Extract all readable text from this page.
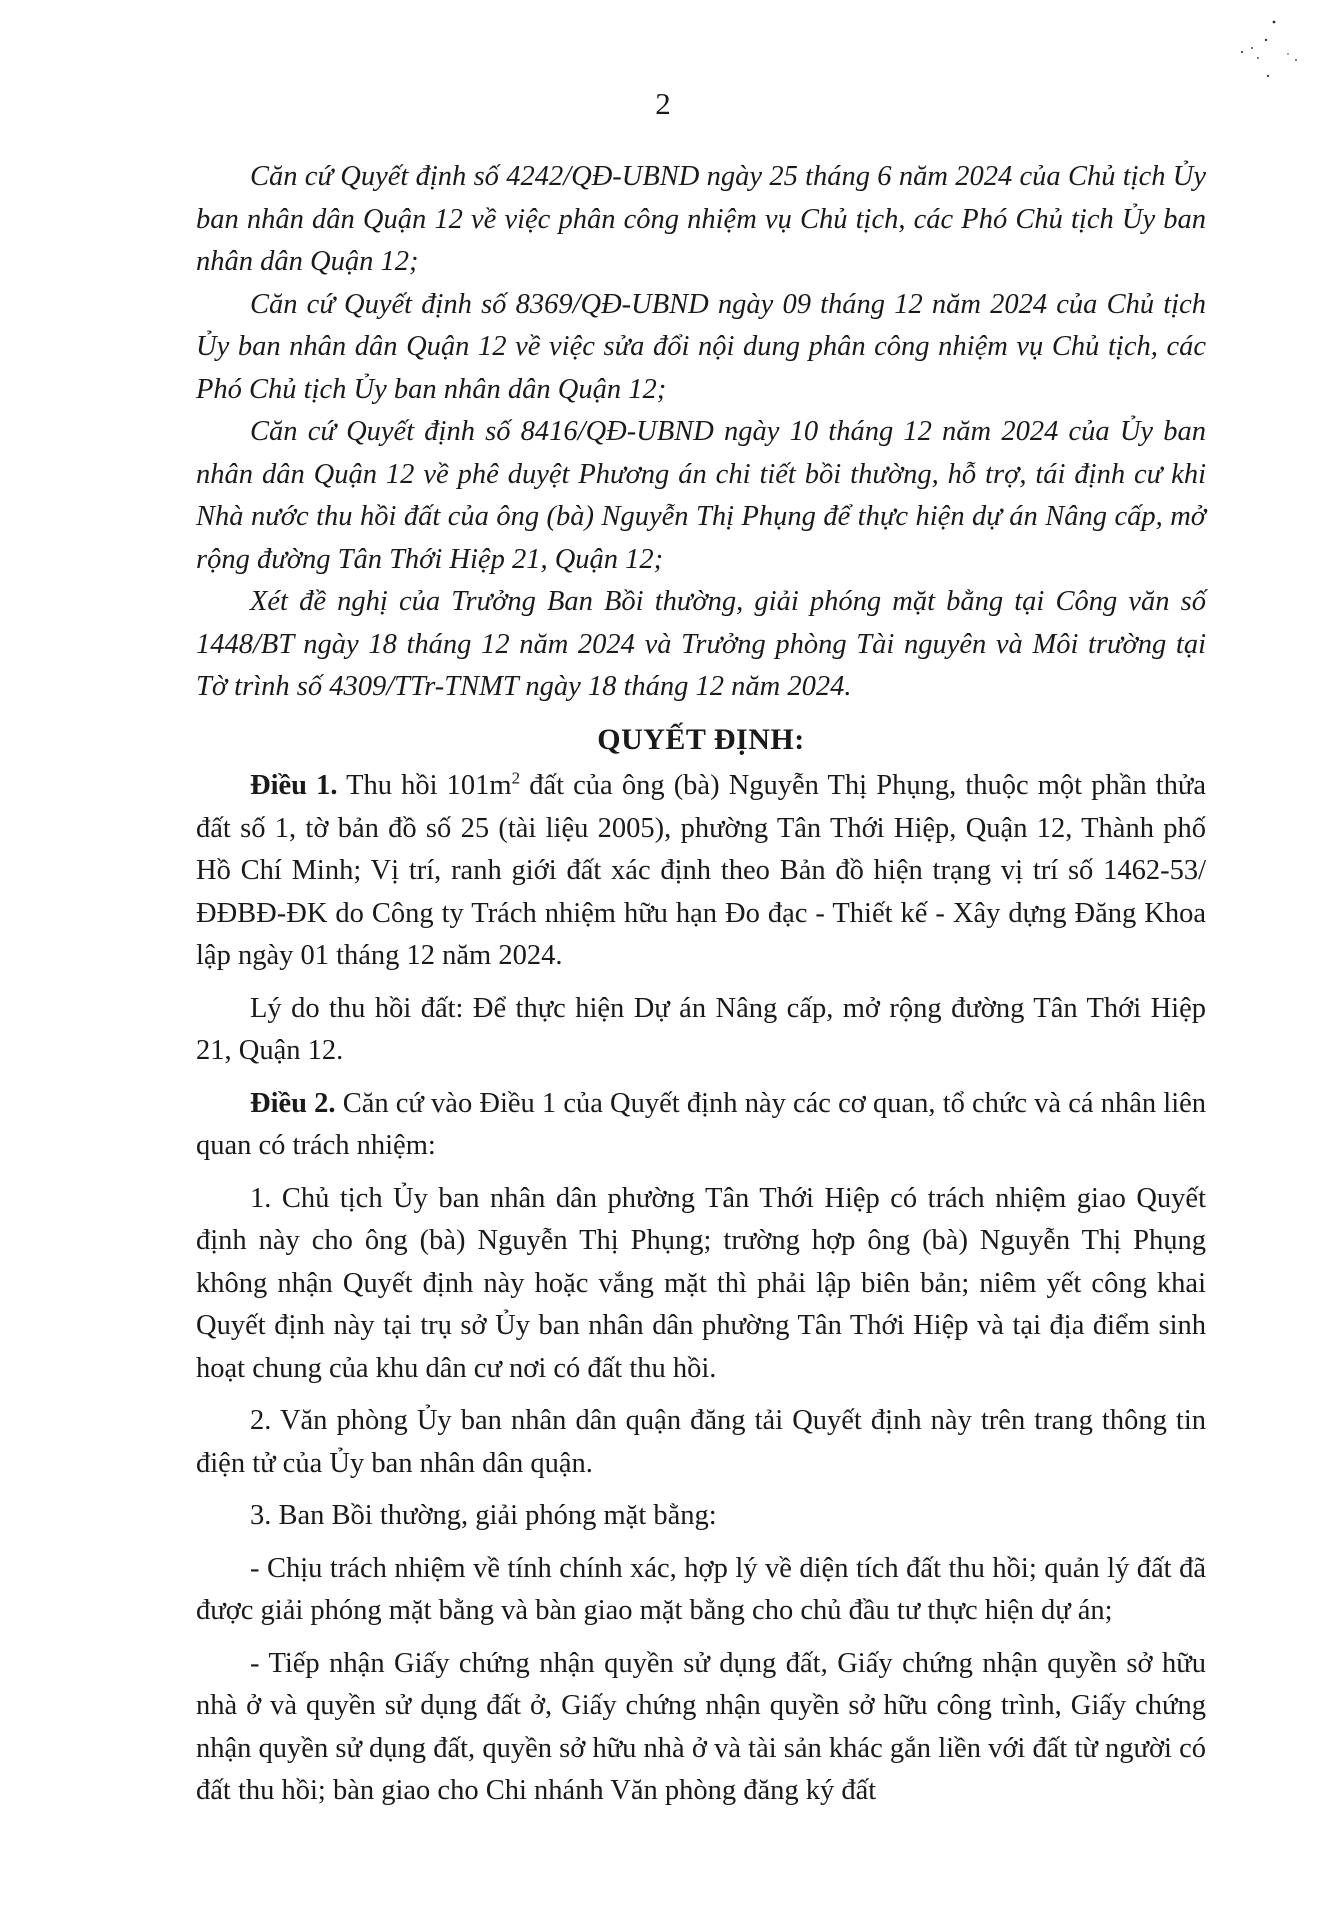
2

Căn cứ Quyết định số 4242/QĐ-UBND ngày 25 tháng 6 năm 2024 của Chủ tịch Ủy ban nhân dân Quận 12 về việc phân công nhiệm vụ Chủ tịch, các Phó Chủ tịch Ủy ban nhân dân Quận 12;

Căn cứ Quyết định số 8369/QĐ-UBND ngày 09 tháng 12 năm 2024 của Chủ tịch Ủy ban nhân dân Quận 12 về việc sửa đổi nội dung phân công nhiệm vụ Chủ tịch, các Phó Chủ tịch Ủy ban nhân dân Quận 12;

Căn cứ Quyết định số 8416/QĐ-UBND ngày 10 tháng 12 năm 2024 của Ủy ban nhân dân Quận 12 về phê duyệt Phương án chi tiết bồi thường, hỗ trợ, tái định cư khi Nhà nước thu hồi đất của ông (bà) Nguyễn Thị Phụng để thực hiện dự án Nâng cấp, mở rộng đường Tân Thới Hiệp 21, Quận 12;

Xét đề nghị của Trưởng Ban Bồi thường, giải phóng mặt bằng tại Công văn số 1448/BT ngày 18 tháng 12 năm 2024 và Trưởng phòng Tài nguyên và Môi trường tại Tờ trình số 4309/TTr-TNMT ngày 18 tháng 12 năm 2024.

QUYẾT ĐỊNH:

Điều 1. Thu hồi $101m^2$ đất của ông (bà) Nguyễn Thị Phụng, thuộc một phần thửa đất số 1, tờ bản đồ số 25 (tài liệu 2005), phường Tân Thới Hiệp, Quận 12, Thành phố Hồ Chí Minh; Vị trí, ranh giới đất xác định theo Bản đồ hiện trạng vị trí số 1462-53/ĐĐBĐ-ĐK do Công ty Trách nhiệm hữu hạn Đo đạc - Thiết kế - Xây dựng Đăng Khoa lập ngày 01 tháng 12 năm 2024.

Lý do thu hồi đất: Để thực hiện Dự án Nâng cấp, mở rộng đường Tân Thới Hiệp 21, Quận 12.

Điều 2. Căn cứ vào Điều 1 của Quyết định này các cơ quan, tổ chức và cá nhân liên quan có trách nhiệm:

1. Chủ tịch Ủy ban nhân dân phường Tân Thới Hiệp có trách nhiệm giao Quyết định này cho ông (bà) Nguyễn Thị Phụng; trường hợp ông (bà) Nguyễn Thị Phụng không nhận Quyết định này hoặc vắng mặt thì phải lập biên bản; niêm yết công khai Quyết định này tại trụ sở Ủy ban nhân dân phường Tân Thới Hiệp và tại địa điểm sinh hoạt chung của khu dân cư nơi có đất thu hồi.

2. Văn phòng Ủy ban nhân dân quận đăng tải Quyết định này trên trang thông tin điện tử của Ủy ban nhân dân quận.

3. Ban Bồi thường, giải phóng mặt bằng:

- Chịu trách nhiệm về tính chính xác, hợp lý về diện tích đất thu hồi; quản lý đất đã được giải phóng mặt bằng và bàn giao mặt bằng cho chủ đầu tư thực hiện dự án;

- Tiếp nhận Giấy chứng nhận quyền sử dụng đất, Giấy chứng nhận quyền sở hữu nhà ở và quyền sử dụng đất ở, Giấy chứng nhận quyền sở hữu công trình, Giấy chứng nhận quyền sử dụng đất, quyền sở hữu nhà ở và tài sản khác gắn liền với đất từ người có đất thu hồi; bàn giao cho Chi nhánh Văn phòng đăng ký đất
